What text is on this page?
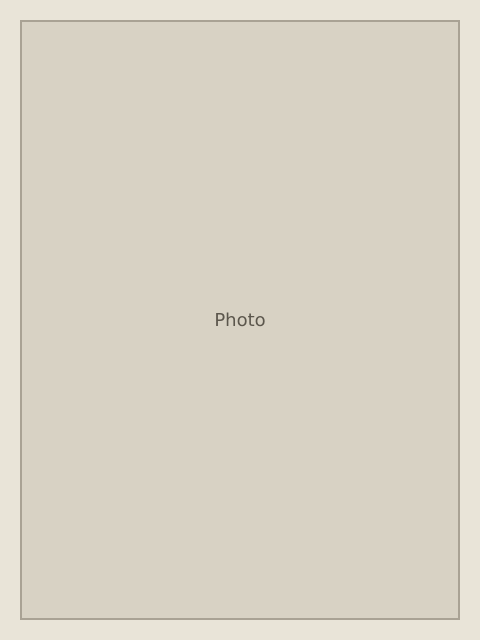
Photo
